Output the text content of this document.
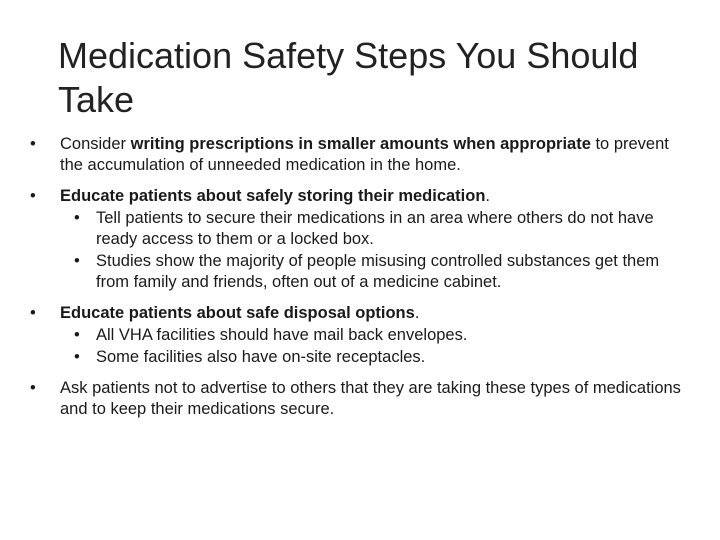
Medication Safety Steps You Should Take
• Consider writing prescriptions in smaller amounts when appropriate to prevent the accumulation of unneeded medication in the home.
• Educate patients about safely storing their medication.
• Tell patients to secure their medications in an area where others do not have ready access to them or a locked box.
• Studies show the majority of people misusing controlled substances get them from family and friends, often out of a medicine cabinet.
• Educate patients about safe disposal options.
• All VHA facilities should have mail back envelopes.
• Some facilities also have on-site receptacles.
• Ask patients not to advertise to others that they are taking these types of medications and to keep their medications secure.
